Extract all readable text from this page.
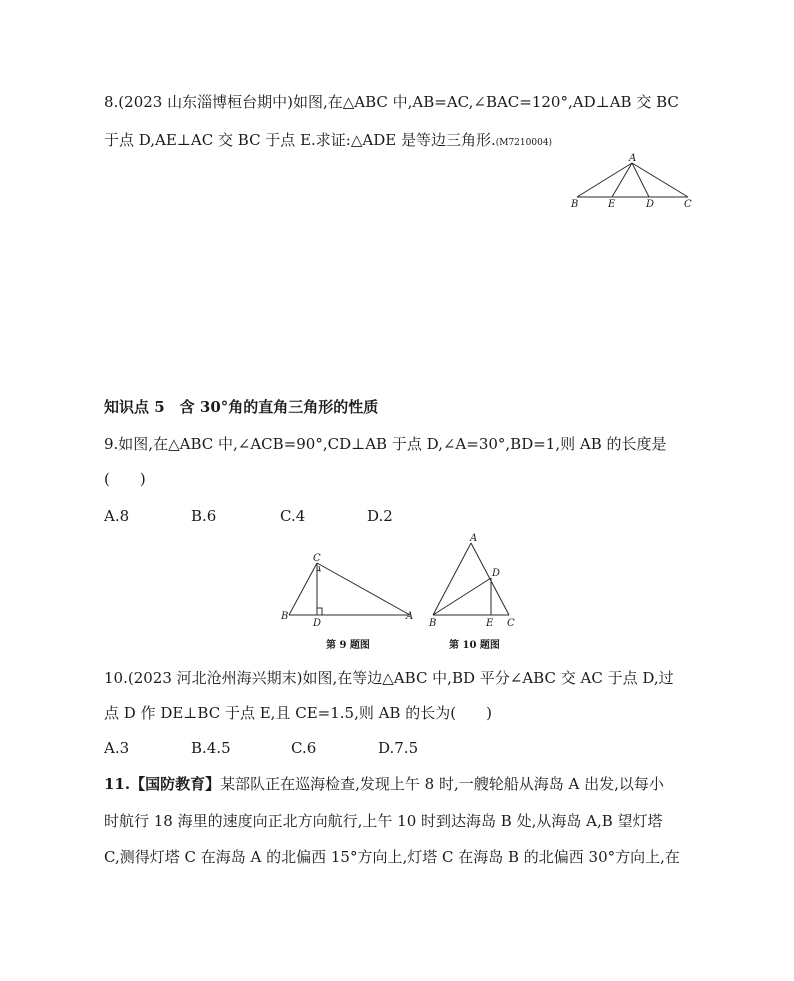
8.(2023 山东淄博桓台期中)如图,在△ABC 中,AB=AC,∠BAC=120°,AD⊥AB 交 BC
于点 D,AE⊥AC 交 BC 于点 E.求证:△ADE 是等边三角形.(M7210004)
A
B	E	D	C
知识点 5　含 30°角的直角三角形的性质
9.如图,在△ABC 中,∠ACB=90°,CD⊥AB 于点 D,∠A=30°,BD=1,则 AB 的长度是
(　　)
A.8	B.6	C.4	D.2
C
B
D
A
第 9 题图
A
D
B	E C
第 10 题图
10.(2023 河北沧州海兴期末)如图,在等边△ABC 中,BD 平分∠ABC 交 AC 于点 D,过
点 D 作 DE⊥BC 于点 E,且 CE=1.5,则 AB 的长为(　　)
A.3	B.4.5	C.6	D.7.5
11.【国防教育】某部队正在巡海检查,发现上午 8 时,一艘轮船从海岛 A 出发,以每小
时航行 18 海里的速度向正北方向航行,上午 10 时到达海岛 B 处,从海岛 A,B 望灯塔
C,测得灯塔 C 在海岛 A 的北偏西 15°方向上,灯塔 C 在海岛 B 的北偏西 30°方向上,在
